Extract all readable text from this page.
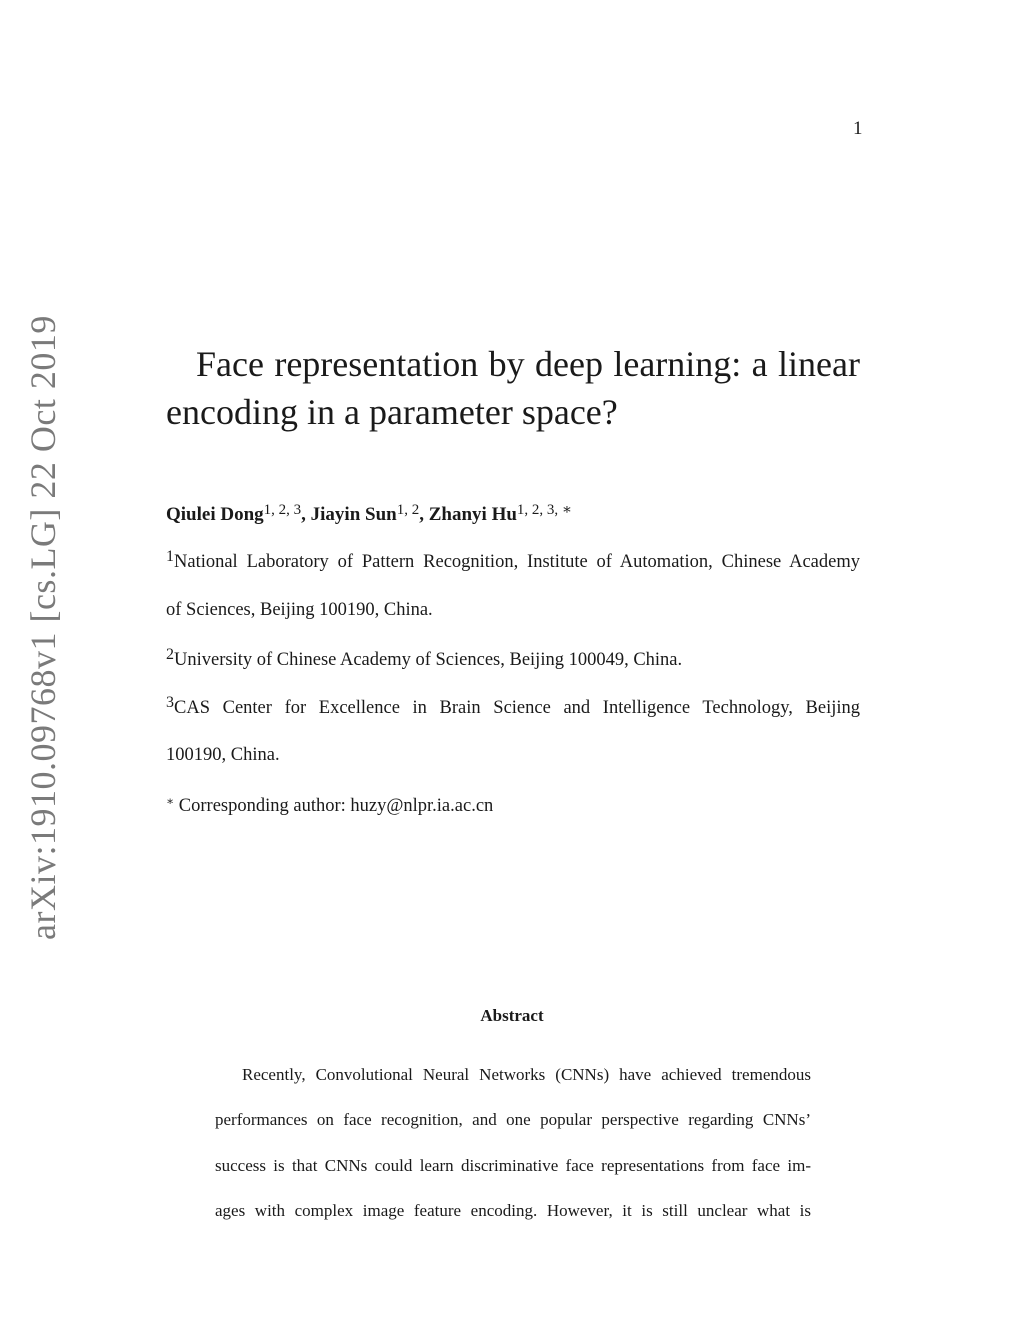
1
arXiv:1910.09768v1 [cs.LG] 22 Oct 2019	Face representation by deep learning: a linear
encoding in a parameter space?
Qiulei Dong$^{1, 2, 3}$, Jiayin Sun$^{1, 2}$, Zhanyi $Hu^{1, 2, 3, ∗}$
$^1$National Laboratory of Pattern Recognition, Institute of Automation, Chinese Academy
of Sciences, Beijing 100190, China.
$^2$University of Chinese Academy of Sciences, Beijing 100049, China.
$^3$CAS Center for Excellence in Brain Science and Intelligence Technology, Beijing
100190, China.
∗ Corresponding author: huzy@nlpr.ia.ac.cn
Abstract
Recently, Convolutional Neural Networks (CNNs) have achieved tremendous
performances on face recognition, and one popular perspective regarding CNNs’
success is that CNNs could learn discriminative face representations from face im-
ages with complex image feature encoding. However, it is still unclear what is
